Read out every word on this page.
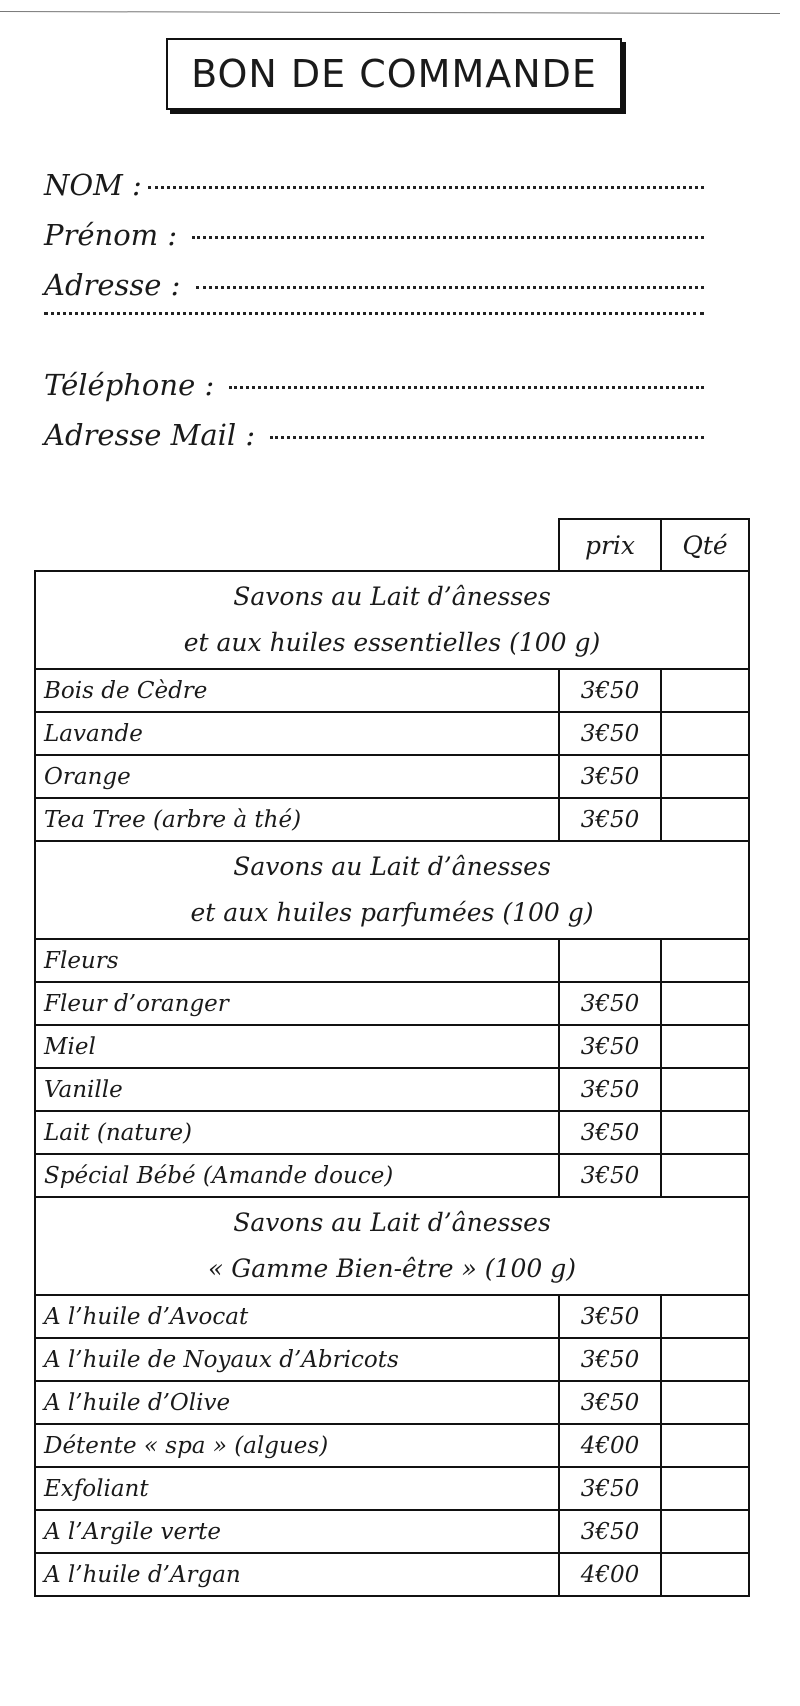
BON DE COMMANDE
NOM :
Prénom :
Adresse :
Téléphone :
Adresse Mail :
	prix	Qté

Savons au Lait d’ânesses
et aux huiles essentielles (100 g)		

Bois de Cèdre	3€50	
Lavande	3€50	
Orange	3€50	
Tea Tree (arbre à thé)	3€50	

Savons au Lait d’ânesses
et aux huiles parfumées (100 g)		

Fleurs		
Fleur d’oranger	3€50	
Miel	3€50	
Vanille	3€50	
Lait (nature)	3€50	
Spécial Bébé (Amande douce)	3€50	

Savons au Lait d’ânesses
« Gamme Bien-être » (100 g)		

A l’huile d’Avocat	3€50	
A l’huile de Noyaux d’Abricots	3€50	
A l’huile d’Olive	3€50	
Détente « spa » (algues)	4€00	
Exfoliant	3€50	
A l’Argile verte	3€50	
A l’huile d’Argan	4€00	
